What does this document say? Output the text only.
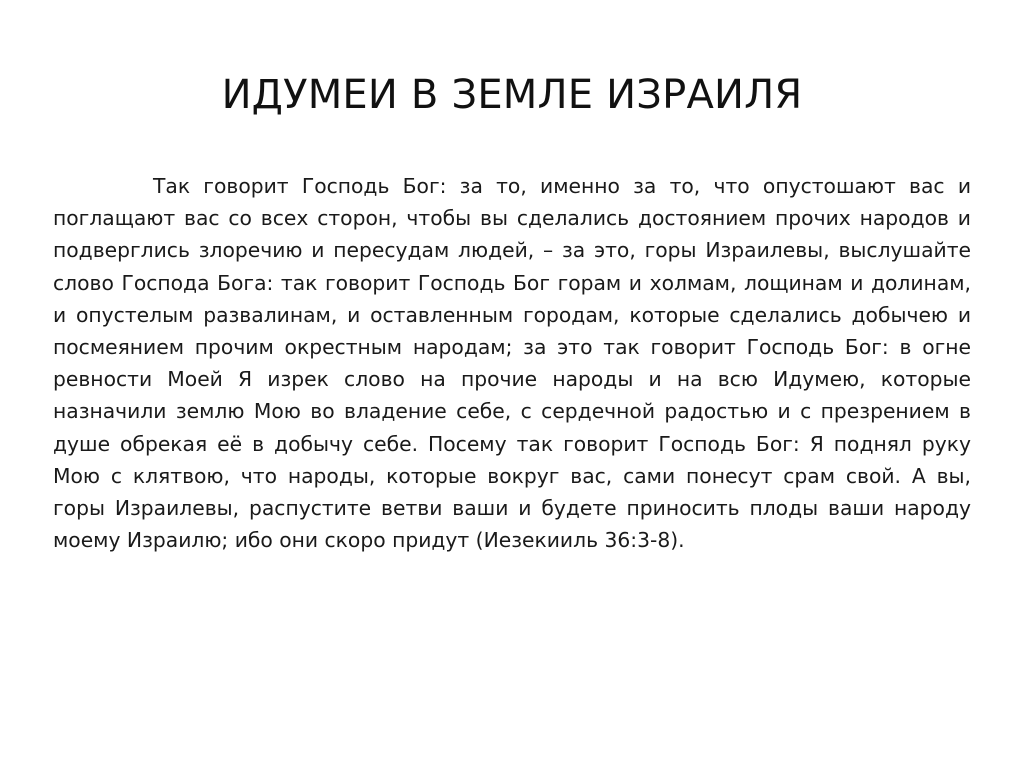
ИДУМЕИ В ЗЕМЛЕ ИЗРАИЛЯ

Так говорит Господь Бог: за то, именно за то, что опустошают вас и поглащают вас со всех сторон, чтобы вы сделались достоянием прочих народов и подверглись злоречию и пересудам людей, – за это, горы Израилевы, выслушайте слово Господа Бога: так говорит Господь Бог горам и холмам, лощинам и долинам, и опустелым развалинам, и оставленным городам, которые сделались добычею и посмеянием прочим окрестным народам; за это так говорит Господь Бог: в огне ревности Моей Я изрек слово на прочие народы и на всю Идумею, которые назначили землю Мою во владение себе, с сердечной радостью и с презрением в душе обрекая её в добычу себе. Посему так говорит Господь Бог: Я поднял руку Мою с клятвою, что народы, которые вокруг вас, сами понесут срам свой. А вы, горы Израилевы, распустите ветви ваши и будете приносить плоды ваши народу моему Израилю; ибо они скоро придут (Иезекииль 36:3-8).
